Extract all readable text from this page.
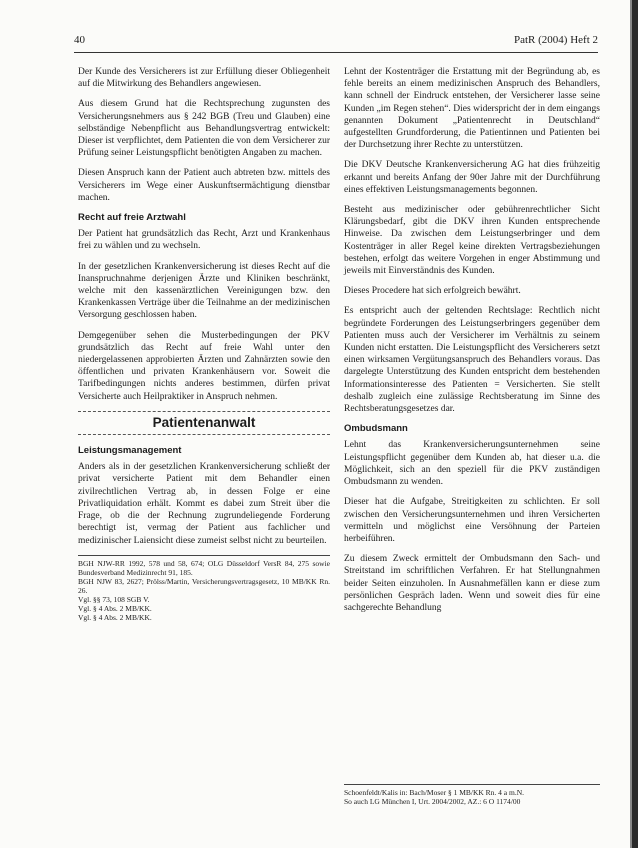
40	PatR (2004) Heft 2

Der Kunde des Versicherers ist zur Erfüllung dieser Obliegenheit auf die Mitwirkung des Behandlers angewiesen.

Aus diesem Grund hat die Rechtsprechung zugunsten des Versicherungsnehmers aus § 242 BGB (Treu und Glauben) eine selbständige Nebenpflicht aus Behandlungsvertrag entwickelt: Dieser ist verpflichtet, dem Patienten die von dem Versicherer zur Prüfung seiner Leistungspflicht benötigten Angaben zu machen.

Diesen Anspruch kann der Patient auch abtreten bzw. mittels des Versicherers im Wege einer Auskunftsermächtigung dienstbar machen.

Recht auf freie Arztwahl

Der Patient hat grundsätzlich das Recht, Arzt und Krankenhaus frei zu wählen und zu wechseln.

In der gesetzlichen Krankenversicherung ist dieses Recht auf die Inanspruchnahme derjenigen Ärzte und Kliniken beschränkt, welche mit den kassenärztlichen Vereinigungen bzw. den Krankenkassen Verträge über die Teilnahme an der medizinischen Versorgung geschlossen haben.

Demgegenüber sehen die Musterbedingungen der PKV grundsätzlich das Recht auf freie Wahl unter den niedergelassenen approbierten Ärzten und Zahnärzten sowie den öffentlichen und privaten Krankenhäusern vor. Soweit die Tarifbedingungen nichts anderes bestimmen, dürfen privat Versicherte auch Heilpraktiker in Anspruch nehmen.

Patientenanwalt
Leistungsmanagement

Anders als in der gesetzlichen Krankenversicherung schließt der privat versicherte Patient mit dem Behandler einen zivilrechtlichen Vertrag ab, in dessen Folge er eine Privatliquidation erhält. Kommt es dabei zum Streit über die Frage, ob die der Rechnung zugrundeliegende Forderung berechtigt ist, vermag der Patient aus fachlicher und medizinischer Laiensicht diese zumeist selbst nicht zu beurteilen.

BGH NJW-RR 1992, 578 und 58, 674; OLG Düsseldorf VersR 84, 275 sowie Bundesverband Medizinrecht 91, 185.
BGH NJW 83, 2627; Prölss/Martin, Versicherungsvertragsgesetz, 10 MB/KK Rn. 26.
Vgl. §§ 73, 108 SGB V.
Vgl. § 4 Abs. 2 MB/KK.
Vgl. § 4 Abs. 2 MB/KK.

Lehnt der Kostenträger die Erstattung mit der Begründung ab, es fehle bereits an einem medizinischen Anspruch des Behandlers, kann schnell der Eindruck entstehen, der Versicherer lasse seine Kunden „im Regen stehen“. Dies widerspricht der in dem eingangs genannten Dokument „Patientenrecht in Deutschland“ aufgestellten Grundforderung, die Patientinnen und Patienten bei der Durchsetzung ihrer Rechte zu unterstützen.

Die DKV Deutsche Krankenversicherung AG hat dies frühzeitig erkannt und bereits Anfang der 90er Jahre mit der Durchführung eines effektiven Leistungsmanagements begonnen.

Besteht aus medizinischer oder gebührenrechtlicher Sicht Klärungsbedarf, gibt die DKV ihren Kunden entsprechende Hinweise. Da zwischen dem Leistungserbringer und dem Kostenträger in aller Regel keine direkten Vertragsbeziehungen bestehen, erfolgt das weitere Vorgehen in enger Abstimmung und jeweils mit Einverständnis des Kunden.

Dieses Procedere hat sich erfolgreich bewährt.

Es entspricht auch der geltenden Rechtslage: Rechtlich nicht begründete Forderungen des Leistungserbringers gegenüber dem Patienten muss auch der Versicherer im Verhältnis zu seinem Kunden nicht erstatten. Die Leistungspflicht des Versicherers setzt einen wirksamen Vergütungsanspruch des Behandlers voraus. Das dargelegte Unterstützung des Kunden entspricht dem bestehenden Informationsinteresse des Patienten = Versicherten. Sie stellt deshalb zugleich eine zulässige Rechtsberatung im Sinne des Rechtsberatungsgesetzes dar.

Ombudsmann

Lehnt das Krankenversicherungsunternehmen seine Leistungspflicht gegenüber dem Kunden ab, hat dieser u.a. die Möglichkeit, sich an den speziell für die PKV zuständigen Ombudsmann zu wenden.

Dieser hat die Aufgabe, Streitigkeiten zu schlichten. Er soll zwischen den Versicherungsunternehmen und ihren Versicherten vermitteln und möglichst eine Versöhnung der Parteien herbeiführen.

Zu diesem Zweck ermittelt der Ombudsmann den Sach- und Streitstand im schriftlichen Verfahren. Er hat Stellungnahmen beider Seiten einzuholen. In Ausnahmefällen kann er diese zum persönlichen Gespräch laden. Wenn und soweit dies für eine sachgerechte Behandlung

Schoenfeldt/Kalis in: Bach/Moser § 1 MB/KK Rn. 4 a m.N.
So auch LG München I, Urt. 2004/2002, AZ.: 6 O 1174/00
